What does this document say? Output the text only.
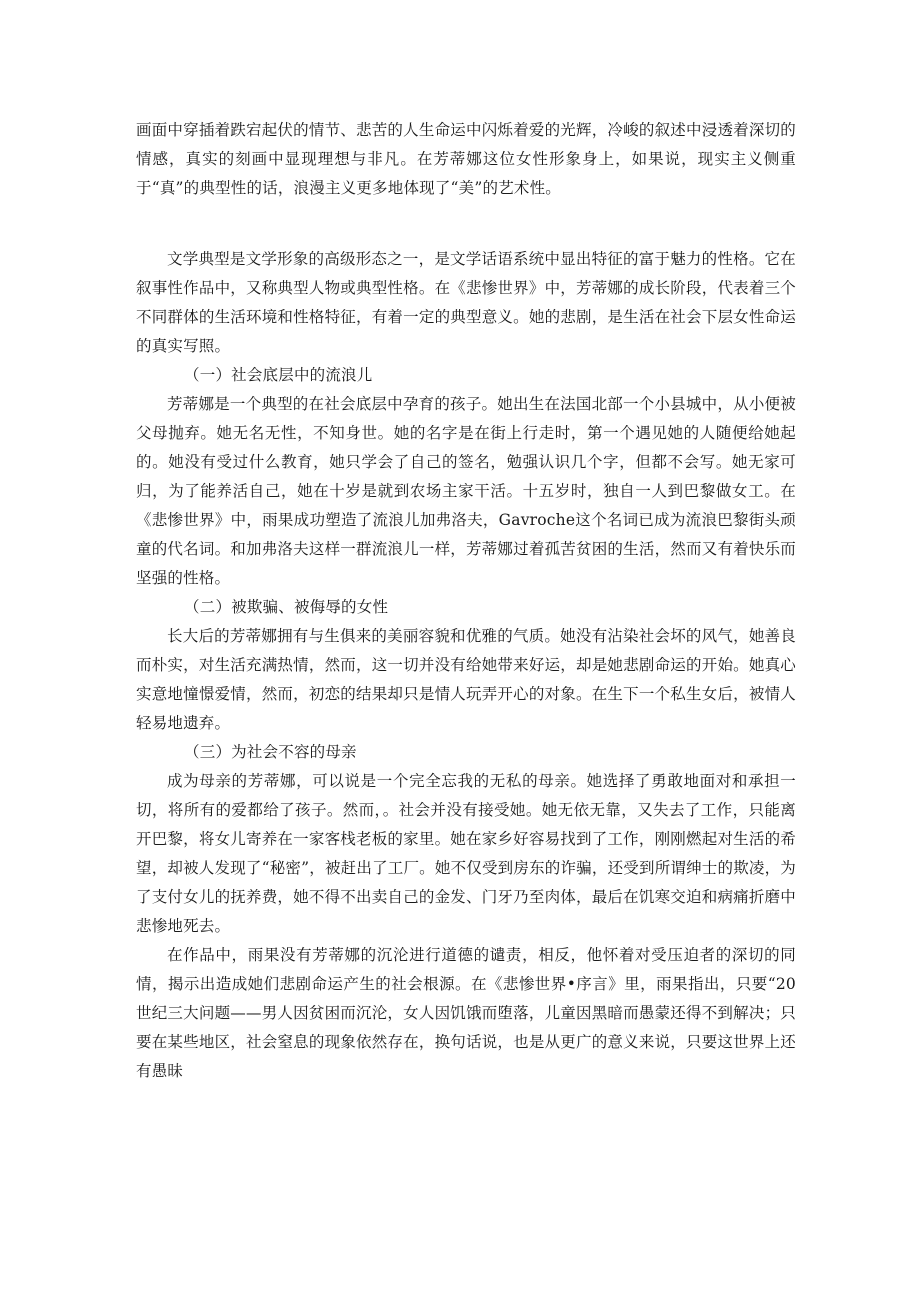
画面中穿插着跌宕起伏的情节、悲苦的人生命运中闪烁着爱的光辉，冷峻的叙述中浸透着深切的情感，真实的刻画中显现理想与非凡。在芳蒂娜这位女性形象身上，如果说，现实主义侧重于“真”的典型性的话，浪漫主义更多地体现了“美”的艺术性。

文学典型是文学形象的高级形态之一，是文学话语系统中显出特征的富于魅力的性格。它在叙事性作品中，又称典型人物或典型性格。在《悲惨世界》中，芳蒂娜的成长阶段，代表着三个不同群体的生活环境和性格特征，有着一定的典型意义。她的悲剧，是生活在社会下层女性命运的真实写照。

（一）社会底层中的流浪儿

芳蒂娜是一个典型的在社会底层中孕育的孩子。她出生在法国北部一个小县城中，从小便被父母抛弃。她无名无性，不知身世。她的名字是在街上行走时，第一个遇见她的人随便给她起的。她没有受过什么教育，她只学会了自己的签名，勉强认识几个字，但都不会写。她无家可归，为了能养活自己，她在十岁是就到农场主家干活。十五岁时，独自一人到巴黎做女工。在《悲惨世界》中，雨果成功塑造了流浪儿加弗洛夫，Gavroche这个名词已成为流浪巴黎街头顽童的代名词。和加弗洛夫这样一群流浪儿一样，芳蒂娜过着孤苦贫困的生活，然而又有着快乐而坚强的性格。

（二）被欺骗、被侮辱的女性

长大后的芳蒂娜拥有与生俱来的美丽容貌和优雅的气质。她没有沾染社会坏的风气，她善良而朴实，对生活充满热情，然而，这一切并没有给她带来好运，却是她悲剧命运的开始。她真心实意地憧憬爱情，然而，初恋的结果却只是情人玩弄开心的对象。在生下一个私生女后，被情人轻易地遗弃。

（三）为社会不容的母亲

成为母亲的芳蒂娜，可以说是一个完全忘我的无私的母亲。她选择了勇敢地面对和承担一切，将所有的爱都给了孩子。然而，。社会并没有接受她。她无依无靠，又失去了工作，只能离开巴黎，将女儿寄养在一家客栈老板的家里。她在家乡好容易找到了工作，刚刚燃起对生活的希望，却被人发现了“秘密”，被赶出了工厂。她不仅受到房东的诈骗，还受到所谓绅士的欺凌，为了支付女儿的抚养费，她不得不出卖自己的金发、门牙乃至肉体，最后在饥寒交迫和病痛折磨中悲惨地死去。

在作品中，雨果没有芳蒂娜的沉沦进行道德的谴责，相反，他怀着对受压迫者的深切的同情，揭示出造成她们悲剧命运产生的社会根源。在《悲惨世界•序言》里，雨果指出，只要“20世纪三大问题——男人因贫困而沉沦，女人因饥饿而堕落，儿童因黑暗而愚蒙还得不到解决；只要在某些地区，社会窒息的现象依然存在，换句话说，也是从更广的意义来说，只要这世界上还有愚昧
